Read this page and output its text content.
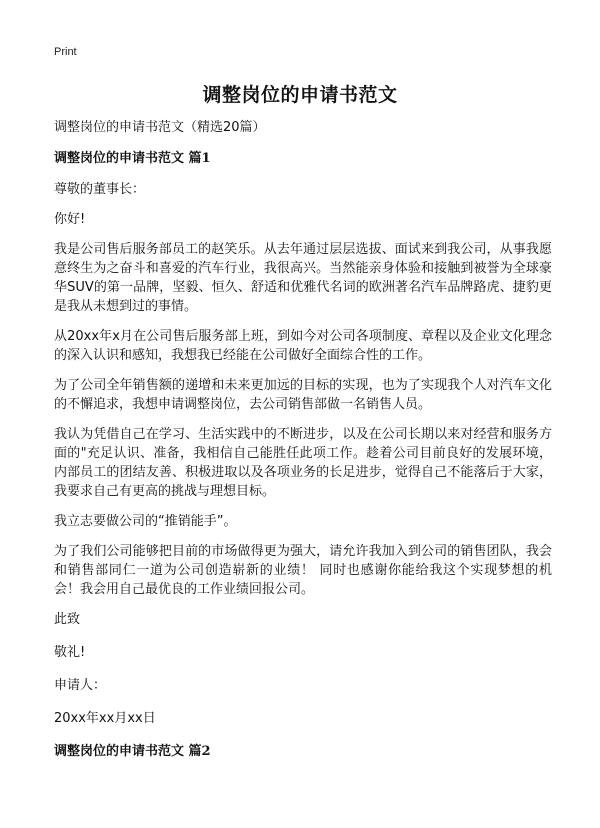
Print
调整岗位的申请书范文

调整岗位的申请书范文（精选20篇）

调整岗位的申请书范文 篇1

尊敬的董事长：

你好!

我是公司售后服务部员工的赵笑乐。从去年通过层层选拔、面试来到我公司，从事我愿意终生为之奋斗和喜爱的汽车行业，我很高兴。当然能亲身体验和接触到被誉为全球豪华SUV的第一品牌，坚毅、恒久、舒适和优雅代名词的欧洲著名汽车品牌路虎、捷豹更是我从未想到过的事情。

从20xx年x月在公司售后服务部上班，到如今对公司各项制度、章程以及企业文化理念的深入认识和感知，我想我已经能在公司做好全面综合性的工作。

为了公司全年销售额的递增和未来更加远的目标的实现，也为了实现我个人对汽车文化的不懈追求，我想申请调整岗位，去公司销售部做一名销售人员。

我认为凭借自己在学习、生活实践中的不断进步，以及在公司长期以来对经营和服务方面的"充足认识、准备，我相信自己能胜任此项工作。趁着公司目前良好的发展环境，内部员工的团结友善、积极进取以及各项业务的长足进步，觉得自己不能落后于大家，我要求自己有更高的挑战与理想目标。

我立志要做公司的“推销能手”。

为了我们公司能够把目前的市场做得更为强大，请允许我加入到公司的销售团队，我会和销售部同仁一道为公司创造崭新的业绩！ 同时也感谢你能给我这个实现梦想的机会！我会用自己最优良的工作业绩回报公司。

此致

敬礼!

申请人：

20xx年xx月xx日

调整岗位的申请书范文 篇2
